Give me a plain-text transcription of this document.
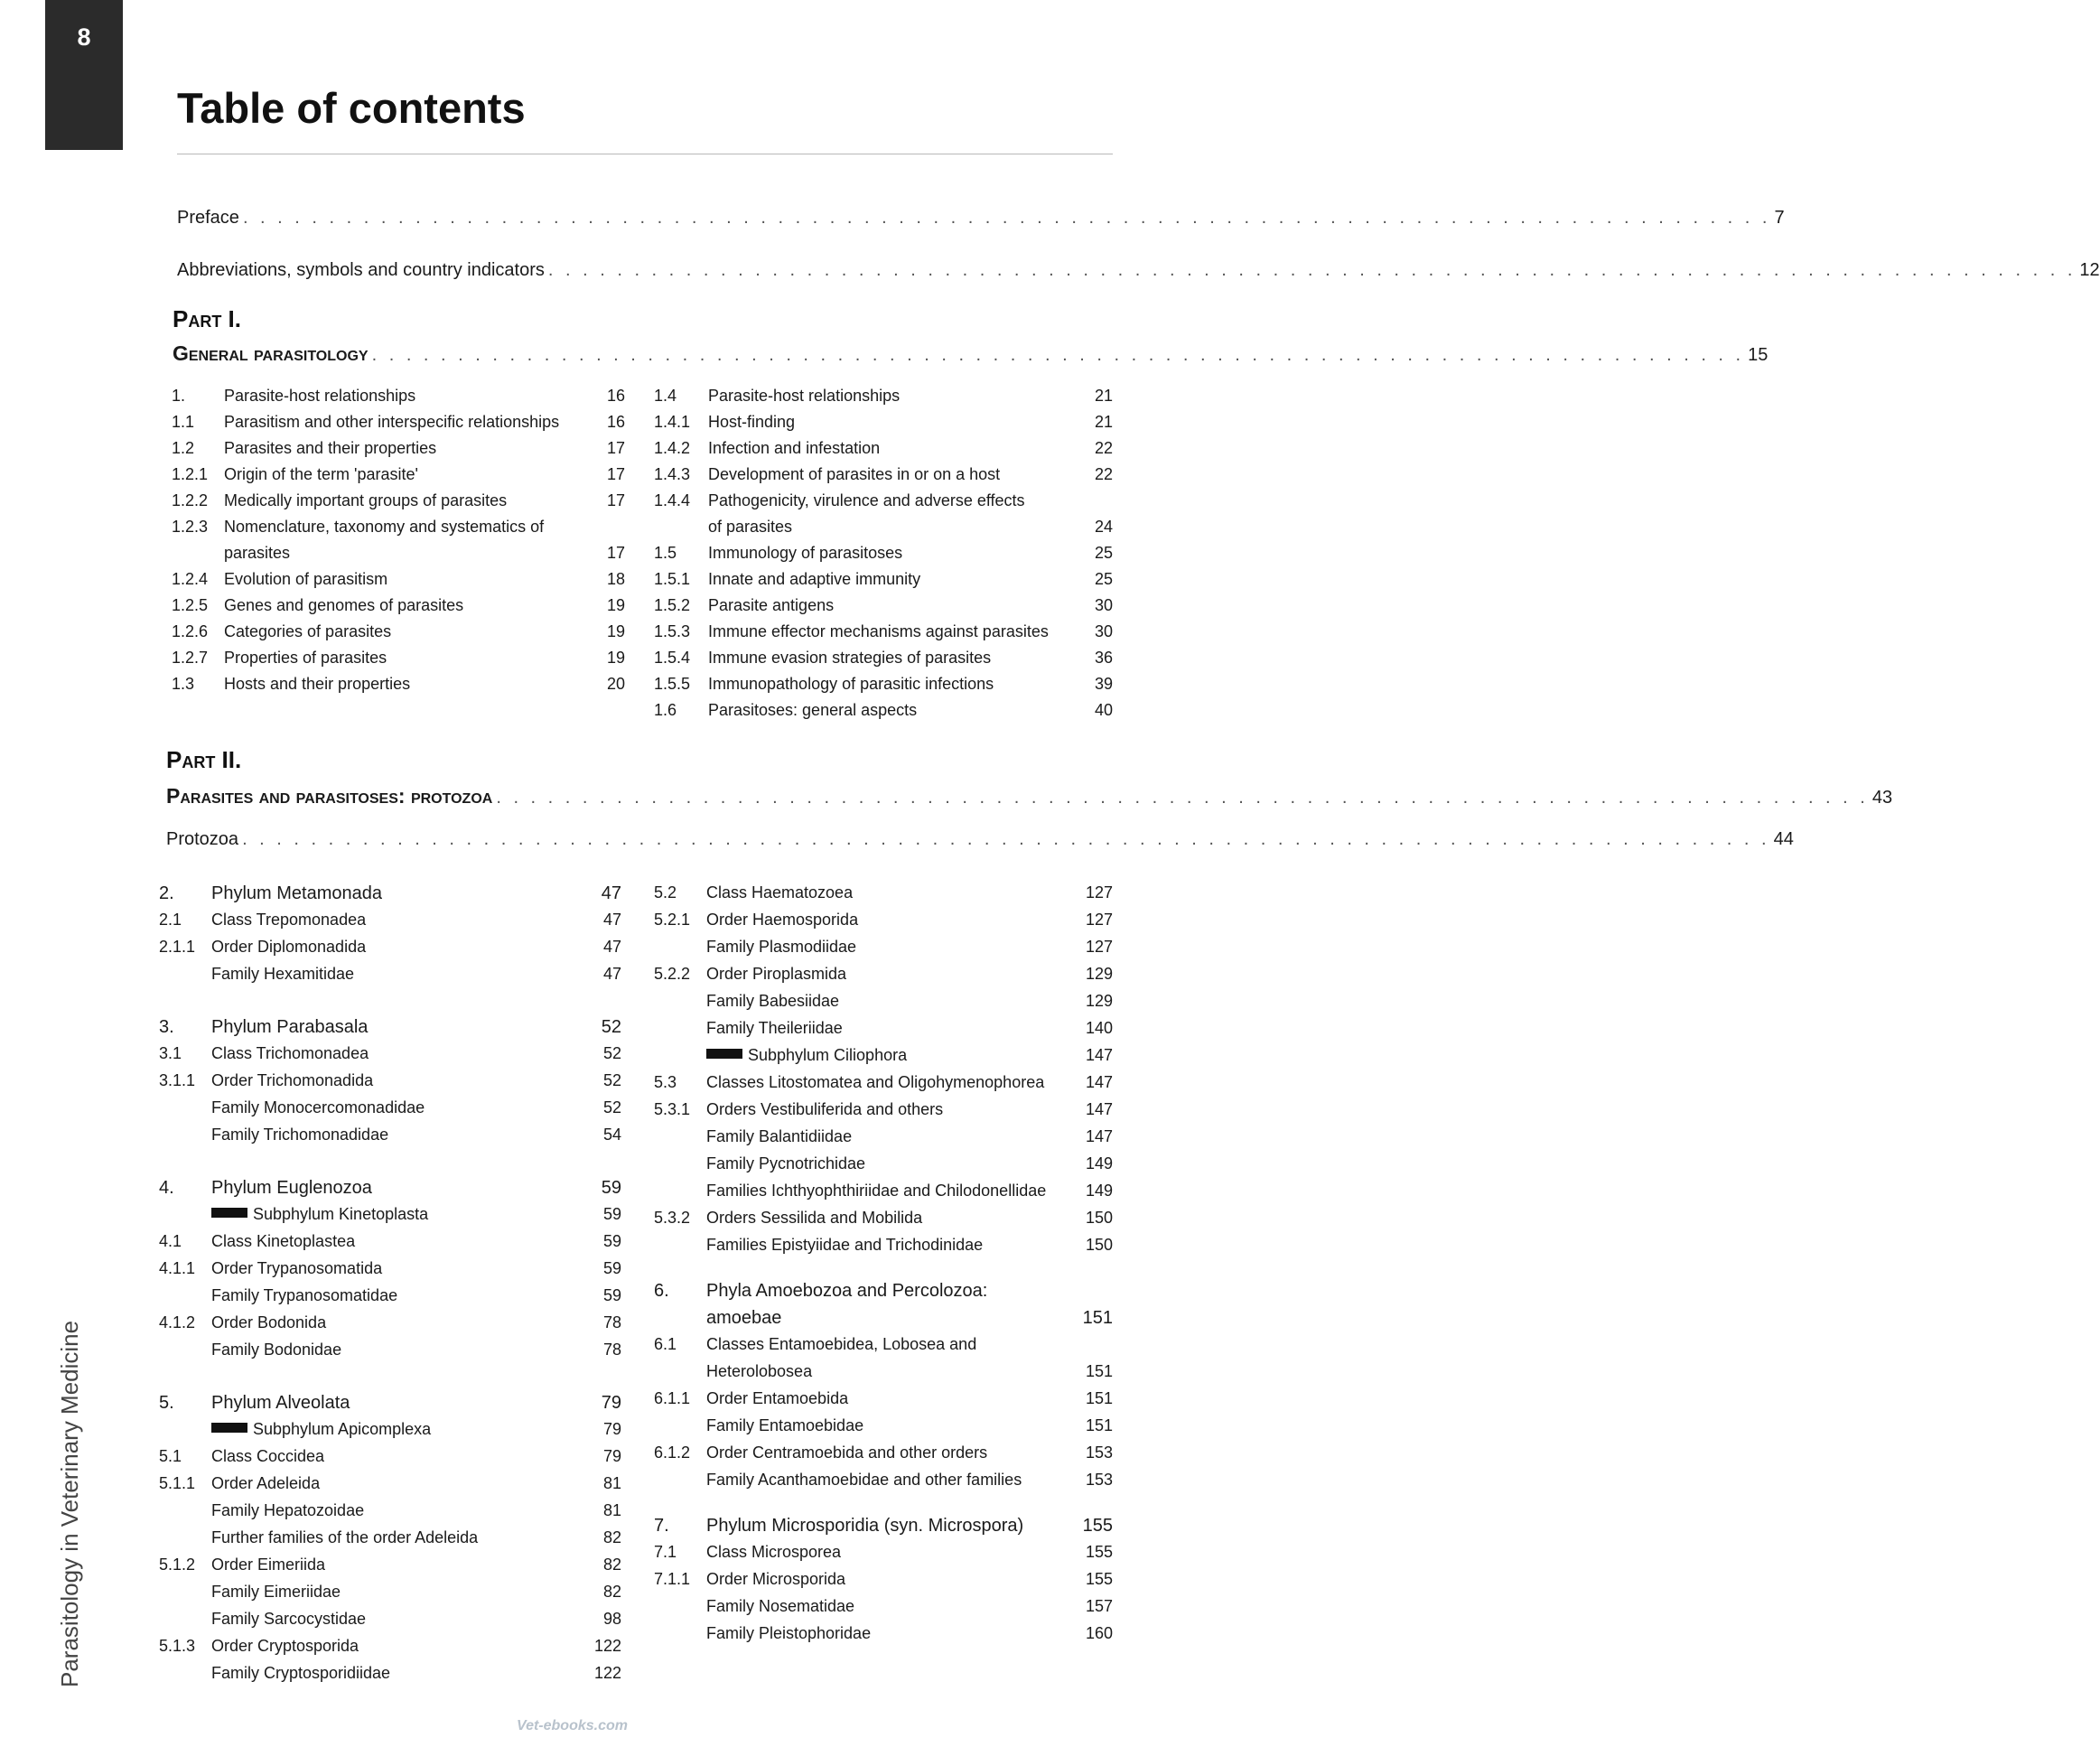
8
Parasitology in Veterinary Medicine
Table of contents
Preface . . . . . . . . . . . . . . . . . . . . . . . . . . . . . . . . . . . . . . . . . . . . . . . . . . . . . . . . . . . . . . . . . . . . . . . . . . . . . . . . . . . . . . . . . 7
Abbreviations, symbols and country indicators . . . . . . . . . . . . . . . . . . . . . . . . . . . . . . . . . . . . . . . . . . . . . . . . . . . . . . . . . . . . . . . . . . . . . . . . . . . . . . . . . . . . . . . . . 12
Part I.
General parasitology . . . . . . . . . . . . . . . . . . . . . . . . . . . . . . . . . . . . . . . . . . . . . . . . . . . . . . . . . . . . . . . . . . . . . . . . . . . . . . . . 15
1. Parasite-host relationships	16
1.1 Parasitism and other interspecific relationships	16
1.2 Parasites and their properties	17
1.2.1 Origin of the term 'parasite'	17
1.2.2 Medically important groups of parasites	17
1.2.3 Nomenclature, taxonomy and systematics of
parasites	17
1.2.4 Evolution of parasitism	18
1.2.5 Genes and genomes of parasites	19
1.2.6 Categories of parasites	19
1.2.7 Properties of parasites	19
1.3 Hosts and their properties	20
1.4 Parasite-host relationships	21
1.4.1 Host-finding	21
1.4.2 Infection and infestation	22
1.4.3 Development of parasites in or on a host	22
1.4.4 Pathogenicity, virulence and adverse effects
of parasites	24
1.5 Immunology of parasitoses	25
1.5.1 Innate and adaptive immunity	25
1.5.2 Parasite antigens	30
1.5.3 Immune effector mechanisms against parasites	30
1.5.4 Immune evasion strategies of parasites	36
1.5.5 Immunopathology of parasitic infections	39
1.6 Parasitoses: general aspects	40
Part II.
Parasites and parasitoses: protozoa . . . . . . . . . . . . . . . . . . . . . . . . . . . . . . . . . . . . . . . . . . . . . . . . . . . . . . . . . . . . . . . . . . . . . . . . . . . . . . . . 43
Protozoa . . . . . . . . . . . . . . . . . . . . . . . . . . . . . . . . . . . . . . . . . . . . . . . . . . . . . . . . . . . . . . . . . . . . . . . . . . . . . . . . . . . . . . . . . 44
2. Phylum Metamonada	47
2.1 Class Trepomonadea	47
2.1.1 Order Diplomonadida	47
Family Hexamitidae	47
3. Phylum Parabasala	52
3.1 Class Trichomonadea	52
3.1.1 Order Trichomonadida	52
Family Monocercomonadidae	52
Family Trichomonadidae	54
4. Phylum Euglenozoa	59
Subphylum Kinetoplasta	59
4.1 Class Kinetoplastea	59
4.1.1 Order Trypanosomatida	59
Family Trypanosomatidae	59
4.1.2 Order Bodonida	78
Family Bodonidae	78
5. Phylum Alveolata	79
Subphylum Apicomplexa	79
5.1 Class Coccidea	79
5.1.1 Order Adeleida	81
Family Hepatozoidae	81
Further families of the order Adeleida	82
5.1.2 Order Eimeriida	82
Family Eimeriidae	82
Family Sarcocystidae	98
5.1.3 Order Cryptosporida	122
Family Cryptosporidiidae	122
5.2 Class Haematozoea	127
5.2.1 Order Haemosporida	127
Family Plasmodiidae	127
5.2.2 Order Piroplasmida	129
Family Babesiidae	129
Family Theileriidae	140
Subphylum Ciliophora	147
5.3 Classes Litostomatea and Oligohymenophorea	147
5.3.1 Orders Vestibuliferida and others	147
Family Balantidiidae	147
Family Pycnotrichidae	149
Families Ichthyophthiriidae and Chilodonellidae 149
5.3.2 Orders Sessilida and Mobilida	150
Families Epistyiidae and Trichodinidae	150
6. Phyla Amoebozoa and Percolozoa:
amoebae	151
6.1 Classes Entamoebidea, Lobosea and
Heterolobosea	151
6.1.1 Order Entamoebida	151
Family Entamoebidae	151
6.1.2 Order Centramoebida and other orders	153
Family Acanthamoebidae and other families	153
7. Phylum Microsporidia (syn. Microspora)	155
7.1 Class Microsporea	155
7.1.1 Order Microsporida	155
Family Nosematidae	157
Family Pleistophoridae	160
Vet-ebooks.com
